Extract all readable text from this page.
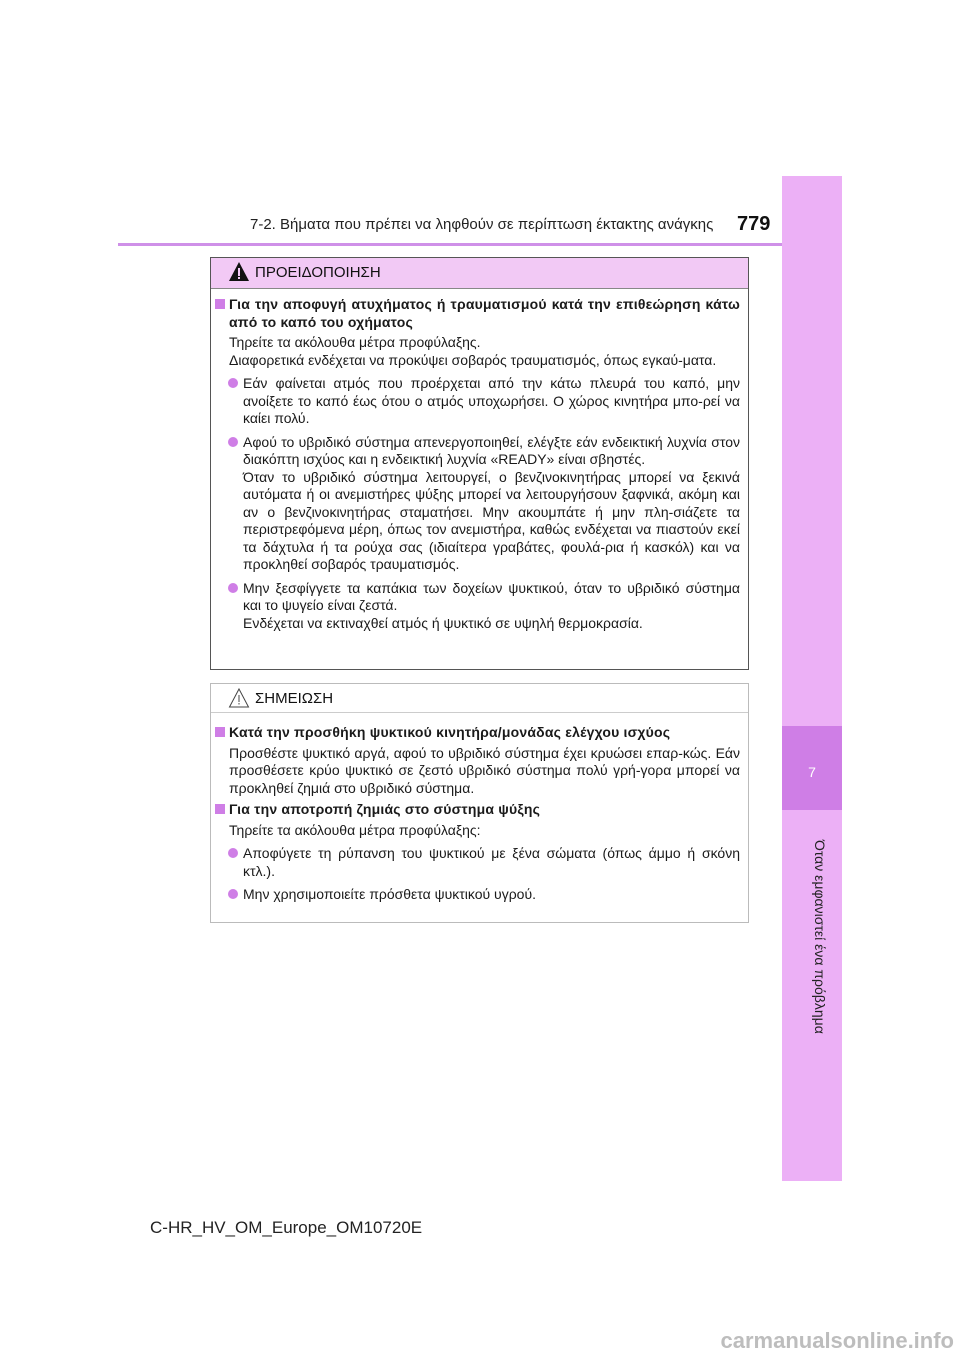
7-2. Βήματα που πρέπει να ληφθούν σε περίπτωση έκτακτης ανάγκης 779
7
Όταν εμφανιστεί ένα πρόβλημα
ΠΡΟΕΙΔΟΠΟΙΗΣΗ
Για την αποφυγή ατυχήματος ή τραυματισμού κατά την επιθεώρηση κάτω από το καπό του οχήματος
Τηρείτε τα ακόλουθα μέτρα προφύλαξης.
Διαφορετικά ενδέχεται να προκύψει σοβαρός τραυματισμός, όπως εγκαύ-ματα.
Εάν φαίνεται ατμός που προέρχεται από την κάτω πλευρά του καπό, μην ανοίξετε το καπό έως ότου ο ατμός υποχωρήσει. Ο χώρος κινητήρα μπο-ρεί να καίει πολύ.
Αφού το υβριδικό σύστημα απενεργοποιηθεί, ελέγξτε εάν ενδεικτική λυχνία στον διακόπτη ισχύος και η ενδεικτική λυχνία «READY» είναι σβηστές.
Όταν το υβριδικό σύστημα λειτουργεί, ο βενζινοκινητήρας μπορεί να ξεκινά αυτόματα ή οι ανεμιστήρες ψύξης μπορεί να λειτουργήσουν ξαφνικά, ακόμη και αν ο βενζινοκινητήρας σταματήσει. Μην ακουμπάτε ή μην πλη-σιάζετε τα περιστρεφόμενα μέρη, όπως τον ανεμιστήρα, καθώς ενδέχεται να πιαστούν εκεί τα δάχτυλα ή τα ρούχα σας (ιδιαίτερα γραβάτες, φουλά-ρια ή κασκόλ) και να προκληθεί σοβαρός τραυματισμός.
Μην ξεσφίγγετε τα καπάκια των δοχείων ψυκτικού, όταν το υβριδικό σύστημα και το ψυγείο είναι ζεστά.
Ενδέχεται να εκτιναχθεί ατμός ή ψυκτικό σε υψηλή θερμοκρασία.
ΣΗΜΕΙΩΣΗ
Κατά την προσθήκη ψυκτικού κινητήρα/μονάδας ελέγχου ισχύος
Προσθέστε ψυκτικό αργά, αφού το υβριδικό σύστημα έχει κρυώσει επαρ-κώς. Εάν προσθέσετε κρύο ψυκτικό σε ζεστό υβριδικό σύστημα πολύ γρή-γορα μπορεί να προκληθεί ζημιά στο υβριδικό σύστημα.
Για την αποτροπή ζημιάς στο σύστημα ψύξης
Τηρείτε τα ακόλουθα μέτρα προφύλαξης:
Αποφύγετε τη ρύπανση του ψυκτικού με ξένα σώματα (όπως άμμο ή σκόνη κτλ.).
Μην χρησιμοποιείτε πρόσθετα ψυκτικού υγρού.
C-HR_HV_OM_Europe_OM10720E
carmanualsonline.info
